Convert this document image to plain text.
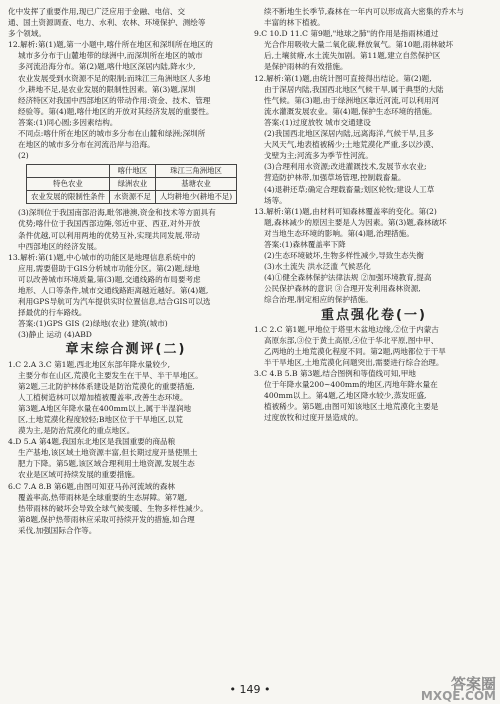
化中发挥了重要作用,现已广泛应用于金融、电信、交

通、国土资源调查、电力、水利、农林、环境保护、测绘等

多个领域。

12.解析:第(1)题,第一小题中,喀什所在地区和深圳所在地区的

城市多分布于山麓地带的绿洲中,而深圳所在地区的城市

多河流沿海分布。第(2)题,喀什地区深居内陆,降水少,

农业发展受到水资源不足的限制;而珠江三角洲地区人多地

少,耕地不足,是农业发展的限制性因素。第(3)题,深圳

经济特区对我国中西部地区的带动作用:资金、技术、管理

经验等。第(4)题,喀什地区的开放对其经济发展的重要性。

答案:(1)同心圆;多因素结构。

不同点:喀什所在地区的城市多分布在山麓和绿洲;深圳所

在地区的城市多分布在河流沿岸与沿海。

(2)

	喀什地区	珠江三角洲地区
特色农业	绿洲农业	基塘农业
农业发展的限制性条件	水资源不足	人均耕地少(耕地不足)

(3)深圳位于我国南部沿海,毗邻港澳,资金和技术等方面具有

优势;喀什位于我国西部边陲,邻近中亚、西亚,对外开放

条件优越,可以利用两地的优势互补,实现共同发展,带动

中西部地区的经济发展。

13.解析:第(1)题,中心城市的功能区是地理信息系统中的

应用,需要借助于GIS分析城市功能分区。第(2)题,绿地

可以改善城市环境质量,第(3)题,交通线路的布局要考虑

地形、人口等条件,城市交通线路距离越近越好。第(4)题,

利用GPS导航可为汽车提供实时位置信息,结合GIS可以选

择最优的行车路线。

答案:(1)GPS GIS (2)绿地(农业) 建筑(城市)

(3)静止 运动 (4)ABD

章末综合测评(二)

1.C 2.A 3.C 第1题,西北地区东部年降水量较少,

主要分布在山区,荒漠化主要发生在干旱、半干旱地区。

第2题,三北防护林体系建设是防治荒漠化的重要措施,

人工植树造林可以增加植被覆盖率,改善生态环境。

第3题,A地区年降水量在400mm以上,属于半湿润地

区,土地荒漠化程度较轻;B地区位于干旱地区,以荒

漠为主,是防治荒漠化的重点地区。

4.D 5.A 第4题,我国东北地区是我国重要的商品粮

生产基地,该区域土地资源丰富,但长期过度开垦使黑土

肥力下降。第5题,该区域合理利用土地资源,发展生态

农业是区域可持续发展的重要措施。

6.C 7.A 8.B 第6题,由图可知亚马孙河流域的森林

覆盖率高,热带雨林是全球重要的生态屏障。第7题,

热带雨林的破坏会导致全球气候变暖、生物多样性减少。

第8题,保护热带雨林应采取可持续开发的措施,如合理

采伐,加强国际合作等。

续不断地生长季节,森林在一年内可以形成高大密集的乔木与

丰富的林下植被。

9.C 10.D 11.C 第9题,"地球之肺"的作用是指雨林通过

光合作用吸收大量二氧化碳,释放氧气。第10题,雨林破坏

后,土壤贫瘠,水土流失加剧。第11题,建立自然保护区

是保护雨林的有效措施。

12.解析:第(1)题,由统计图可直接得出结论。第(2)题,

由于深居内陆,我国西北地区气候干旱,属于典型的大陆

性气候。第(3)题,由于绿洲地区靠近河流,可以利用河

流水灌溉发展农业。第(4)题,保护生态环境的措施。

答案:(1)过度放牧 城市交通建设

(2)我国西北地区深居内陆,远离海洋,气候干旱,且多

大风天气,地表植被稀少;土地荒漠化严重,多以沙漠、

戈壁为主;河流多为季节性河流。

(3)合理利用水资源;改进灌溉技术,发展节水农业;

营造防护林带,加强草场管理,控制载畜量。

(4)退耕还草;确定合理载畜量;划区轮牧;建设人工草

场等。

13.解析:第(1)题,由材料可知森林覆盖率的变化。第(2)

题,森林减少的原因主要是人为因素。第(3)题,森林破坏

对当地生态环境的影响。第(4)题,治理措施。

答案:(1)森林覆盖率下降

(2)生态环境破坏,生物多样性减少,导致生态失衡

(3)水土流失 洪水泛滥 气候恶化

(4)①健全森林保护法律法规 ②加强环境教育,提高

公民保护森林的意识 ③合理开发利用森林资源,

综合治理,制定相应的保护措施。

重点强化卷(一)

1.C 2.C 第1题,甲地位于塔里木盆地边缘,②位于内蒙古

高原东部,③位于黄土高原,④位于华北平原,图中甲、

乙两地的土地荒漠化程度不同。第2题,两地都位于干旱

半干旱地区,土地荒漠化问题突出,需要进行综合治理。

3.C 4.B 5.B 第3题,结合图例和等值线可知,甲地

位于年降水量200~400mm的地区,丙地年降水量在

400mm以上。第4题,乙地区降水较少,蒸发旺盛,

植被稀少。第5题,由图可知该地区土地荒漠化主要是

过度放牧和过度开垦造成的。

• 149 •	答案圈
MXQE.COM
